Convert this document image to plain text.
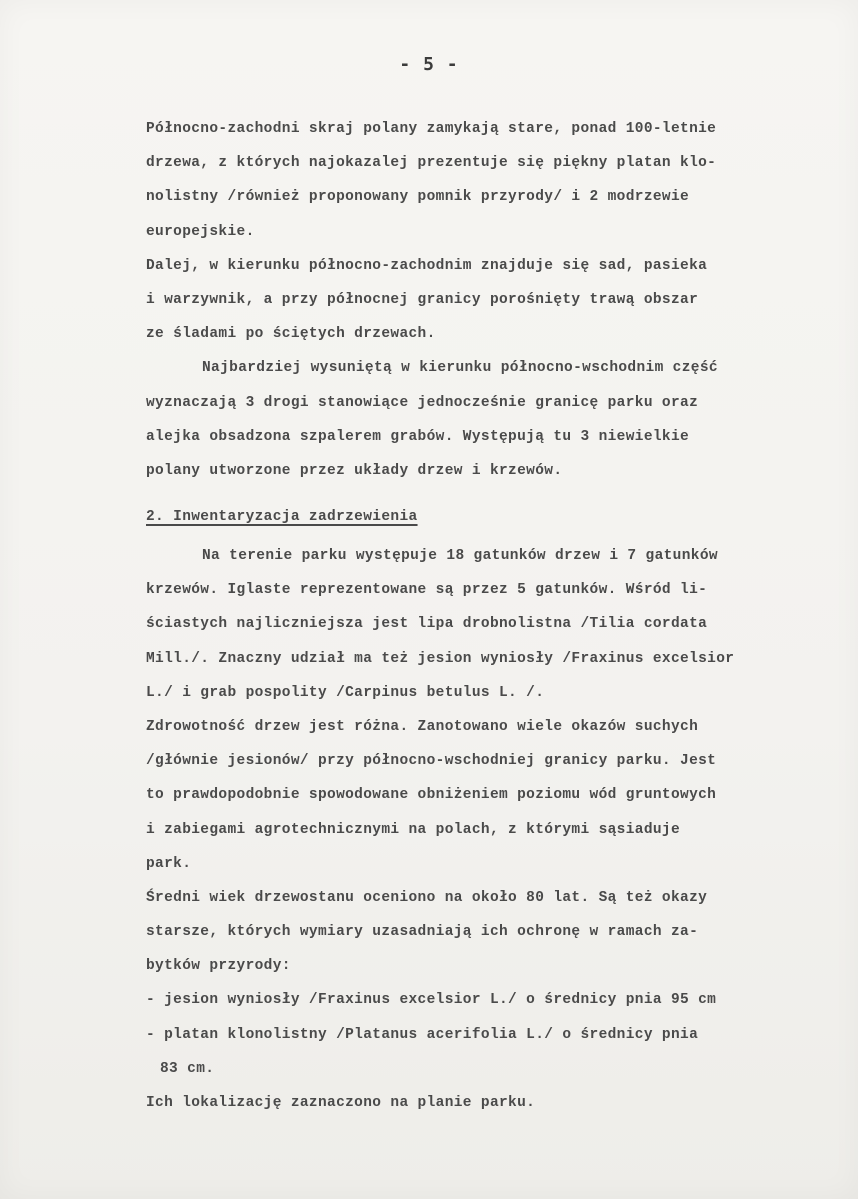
- 5 -
Północno-zachodni skraj polany zamykają stare, ponad 100-letnie
drzewa, z których najokazalej prezentuje się piękny platan klo-
nolistny /również proponowany pomnik przyrody/ i 2 modrzewie
europejskie.
Dalej, w kierunku północno-zachodnim znajduje się sad, pasieka
i warzywnik, a przy północnej granicy porośnięty trawą obszar
ze śladami po ściętych drzewach.
Najbardziej wysuniętą w kierunku północno-wschodnim część
wyznaczają 3 drogi stanowiące jednocześnie granicę parku oraz
alejka obsadzona szpalerem grabów. Występują tu 3 niewielkie
polany utworzone przez układy drzew i krzewów.
2. Inwentaryzacja zadrzewienia
Na terenie parku występuje 18 gatunków drzew i 7 gatunków
krzewów. Iglaste reprezentowane są przez 5 gatunków. Wśród li-
ściastych najliczniejsza jest lipa drobnolistna /Tilia cordata
Mill./. Znaczny udział ma też jesion wyniosły /Fraxinus excelsior
L./ i grab pospolity /Carpinus betulus L. /.
Zdrowotność drzew jest różna. Zanotowano wiele okazów suchych
/głównie jesionów/ przy północno-wschodniej granicy parku. Jest
to prawdopodobnie spowodowane obniżeniem poziomu wód gruntowych
i zabiegami agrotechnicznymi na polach, z którymi sąsiaduje
park.
Średni wiek drzewostanu oceniono na około 80 lat. Są też okazy
starsze, których wymiary uzasadniają ich ochronę w ramach za-
bytków przyrody:
- jesion wyniosły /Fraxinus excelsior L./ o średnicy pnia 95 cm
- platan klonolistny /Platanus acerifolia L./ o średnicy pnia
83 cm.
Ich lokalizację zaznaczono na planie parku.
